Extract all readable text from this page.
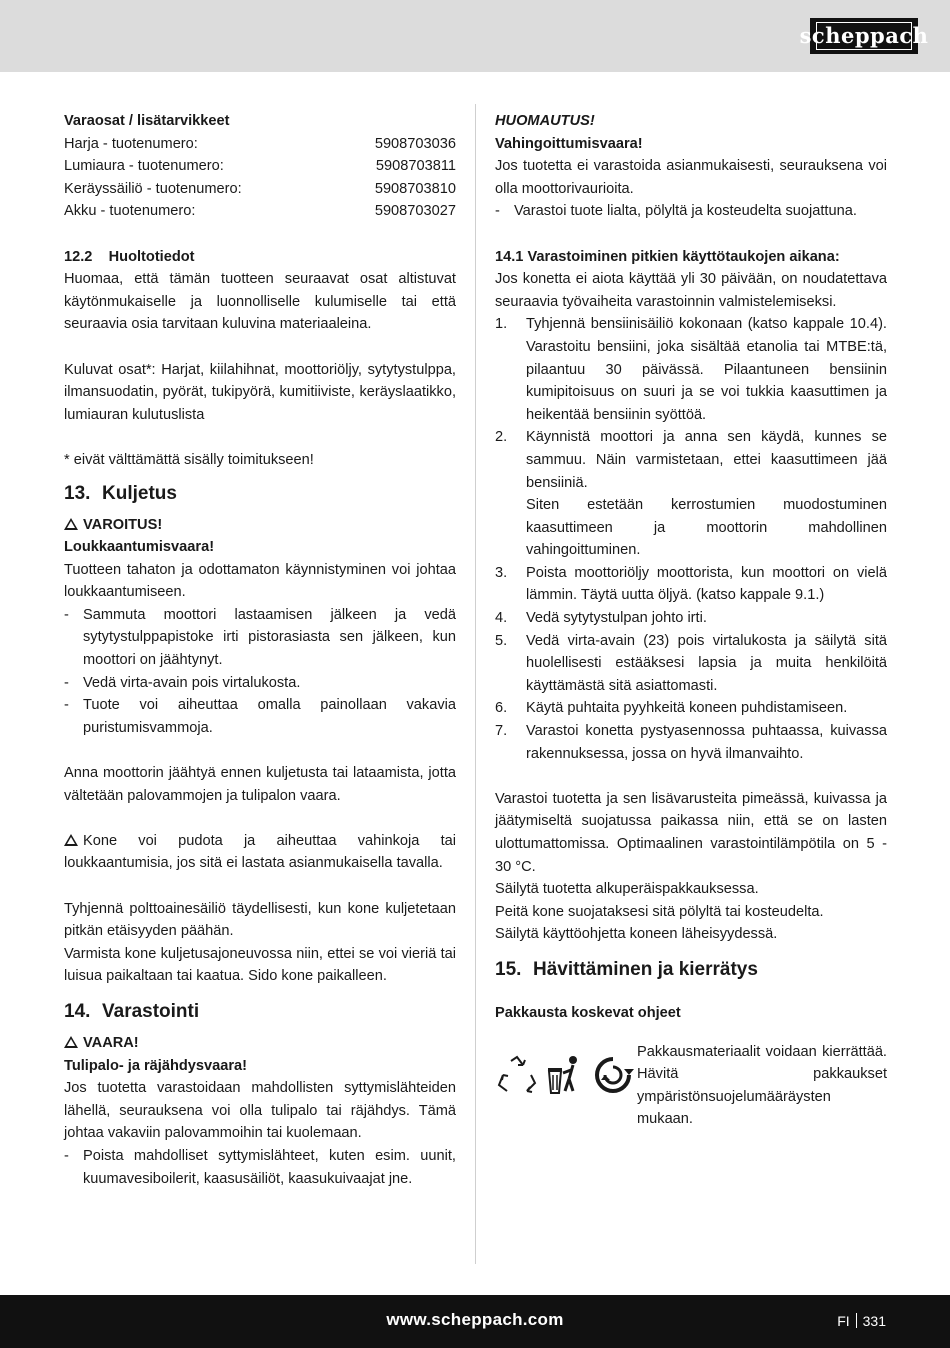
scheppach

Varaosat / lisätarvikkeet

Harja - tuotenumero:	5908703036
Lumiaura - tuotenumero:	5908703811
Keräyssäiliö - tuotenumero:	5908703810
Akku - tuotenumero:	5908703027

12.2    Huoltotiedot

Huomaa, että tämän tuotteen seuraavat osat altistuvat käytönmukaiselle ja luonnolliselle kulumiselle tai että seuraavia osia tarvitaan kuluvina materiaaleina.

Kuluvat osat*: Harjat, kiilahihnat, moottoriöljy, sytytystulppa, ilmansuodatin, pyörät, tukipyörä, kumitiiviste, keräyslaatikko, lumiauran kulutuslista

* eivät välttämättä sisälly toimitukseen!

13. Kuljetus

VAROITUS!

Loukkaantumisvaara!

Tuotteen tahaton ja odottamaton käynnistyminen voi johtaa loukkaantumiseen.

- Sammuta moottori lastaamisen jälkeen ja vedä sytytystulppapistoke irti pistorasiasta sen jälkeen, kun moottori on jäähtynyt.
- Vedä virta-avain pois virtalukosta.
- Tuote voi aiheuttaa omalla painollaan vakavia puristumisvammoja.

Anna moottorin jäähtyä ennen kuljetusta tai lataamista, jotta vältetään palovammojen ja tulipalon vaara.

Kone voi pudota ja aiheuttaa vahinkoja tai loukkaantumisia, jos sitä ei lastata asianmukaisella tavalla.

Tyhjennä polttoainesäiliö täydellisesti, kun kone kuljetetaan pitkän etäisyyden päähän.

Varmista kone kuljetusajoneuvossa niin, ettei se voi vieriä tai luisua paikaltaan tai kaatua. Sido kone paikalleen.

14. Varastointi

VAARA!

Tulipalo- ja räjähdysvaara!

Jos tuotetta varastoidaan mahdollisten syttymislähteiden lähellä, seurauksena voi olla tulipalo tai räjähdys. Tämä johtaa vakaviin palovammoihin tai kuolemaan.

- Poista mahdolliset syttymislähteet, kuten esim. uunit, kuumavesiboilerit, kaasusäiliöt, kaasukuivaajat jne.

HUOMAUTUS!

Vahingoittumisvaara!

Jos tuotetta ei varastoida asianmukaisesti, seurauksena voi olla moottorivaurioita.

- Varastoi tuote lialta, pölyltä ja kosteudelta suojattuna.

14.1 Varastoiminen pitkien käyttötaukojen aikana:

Jos konetta ei aiota käyttää yli 30 päivään, on noudatettava seuraavia työvaiheita varastoinnin valmistelemiseksi.

1.	Tyhjennä bensiinisäiliö kokonaan (katso kappale 10.4). Varastoitu bensiini, joka sisältää etanolia tai MTBE:tä, pilaantuu 30 päivässä. Pilaantuneen bensiinin kumipitoisuus on suuri ja se voi tukkia kaasuttimen ja heikentää bensiinin syöttöä.
2.	Käynnistä moottori ja anna sen käydä, kunnes se sammuu. Näin varmistetaan, ettei kaasuttimeen jää bensiiniä.
Siten estetään kerrostumien muodostuminen kaasuttimeen ja moottorin mahdollinen vahingoittuminen.
3.	Poista moottoriöljy moottorista, kun moottori on vielä lämmin. Täytä uutta öljyä. (katso kappale 9.1.)
4.	Vedä sytytystulpan johto irti.
5.	Vedä virta-avain (23) pois virtalukosta ja säilytä sitä huolellisesti estääksesi lapsia ja muita henkilöitä käyttämästä sitä asiattomasti.
6.	Käytä puhtaita pyyhkeitä koneen puhdistamiseen.
7.	Varastoi konetta pystyasennossa puhtaassa, kuivassa rakennuksessa, jossa on hyvä ilmanvaihto.

Varastoi tuotetta ja sen lisävarusteita pimeässä, kuivassa ja jäätymiseltä suojatussa paikassa niin, että se on lasten ulottumattomissa. Optimaalinen varastointilämpötila on 5 - 30 °C.

Säilytä tuotetta alkuperäispakkauksessa.

Peitä kone suojataksesi sitä pölyltä tai kosteudelta.

Säilytä käyttöohjetta koneen läheisyydessä.

15. Hävittäminen ja kierrätys

Pakkausta koskevat ohjeet

Pakkausmateriaalit voidaan kierrättää. Hävitä pakkaukset ympäristönsuojelumääräysten mukaan.

www.scheppach.com	FI 331
